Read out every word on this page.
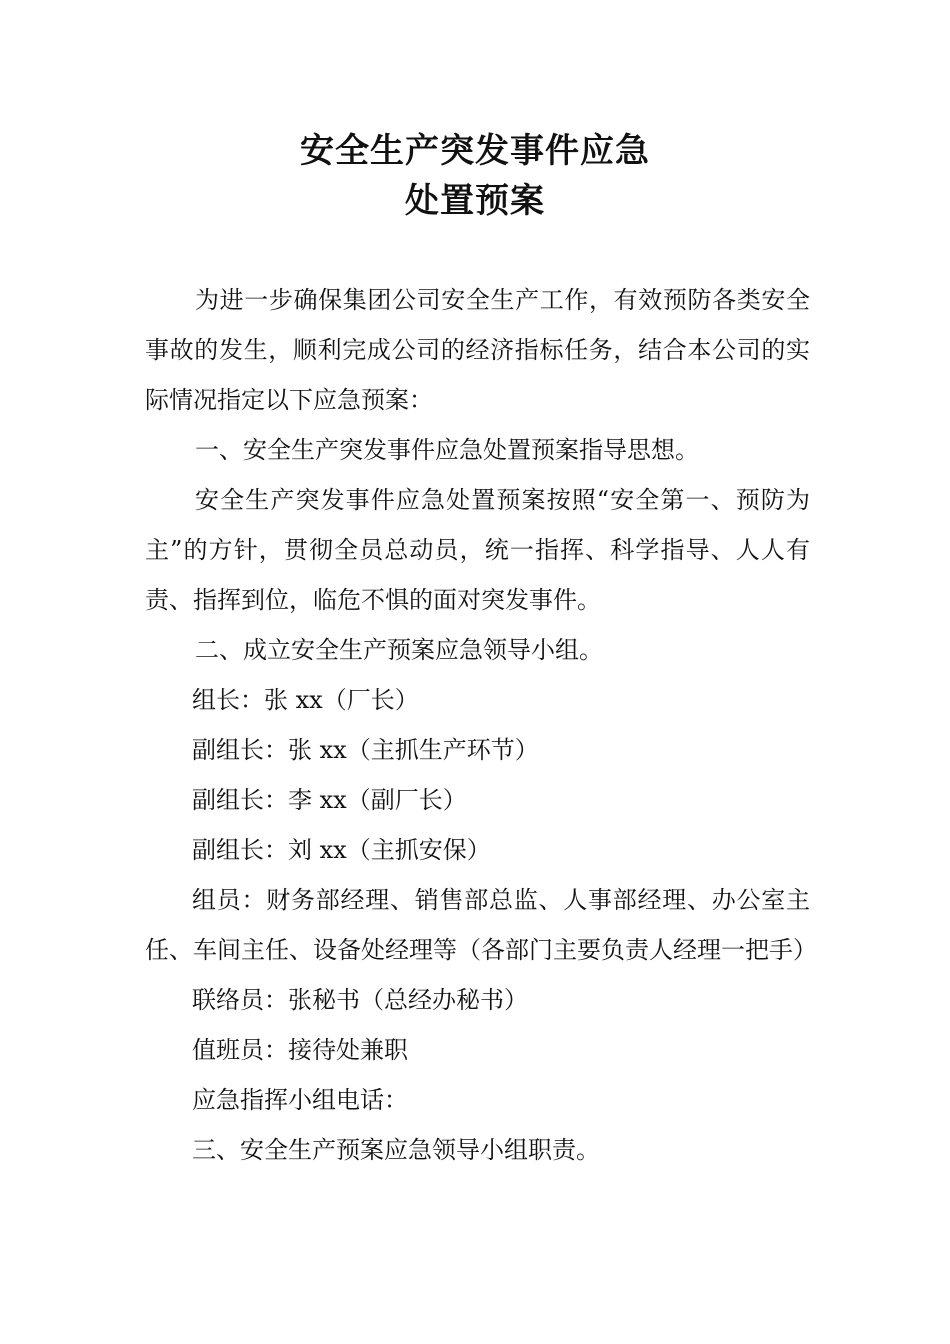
安全生产突发事件应急
处置预案

为进一步确保集团公司安全生产工作，有效预防各类安全事故的发生，顺利完成公司的经济指标任务，结合本公司的实际情况指定以下应急预案：

一、安全生产突发事件应急处置预案指导思想。

安全生产突发事件应急处置预案按照“安全第一、预防为主”的方针，贯彻全员总动员，统一指挥、科学指导、人人有责、指挥到位，临危不惧的面对突发事件。

二、成立安全生产预案应急领导小组。

组长：张 xx（厂长）

副组长：张 xx（主抓生产环节）

副组长：李 xx（副厂长）

副组长：刘 xx（主抓安保）

组员：财务部经理、销售部总监、人事部经理、办公室主任、车间主任、设备处经理等（各部门主要负责人经理一把手）

联络员：张秘书（总经办秘书）

值班员：接待处兼职

应急指挥小组电话：

三、安全生产预案应急领导小组职责。
